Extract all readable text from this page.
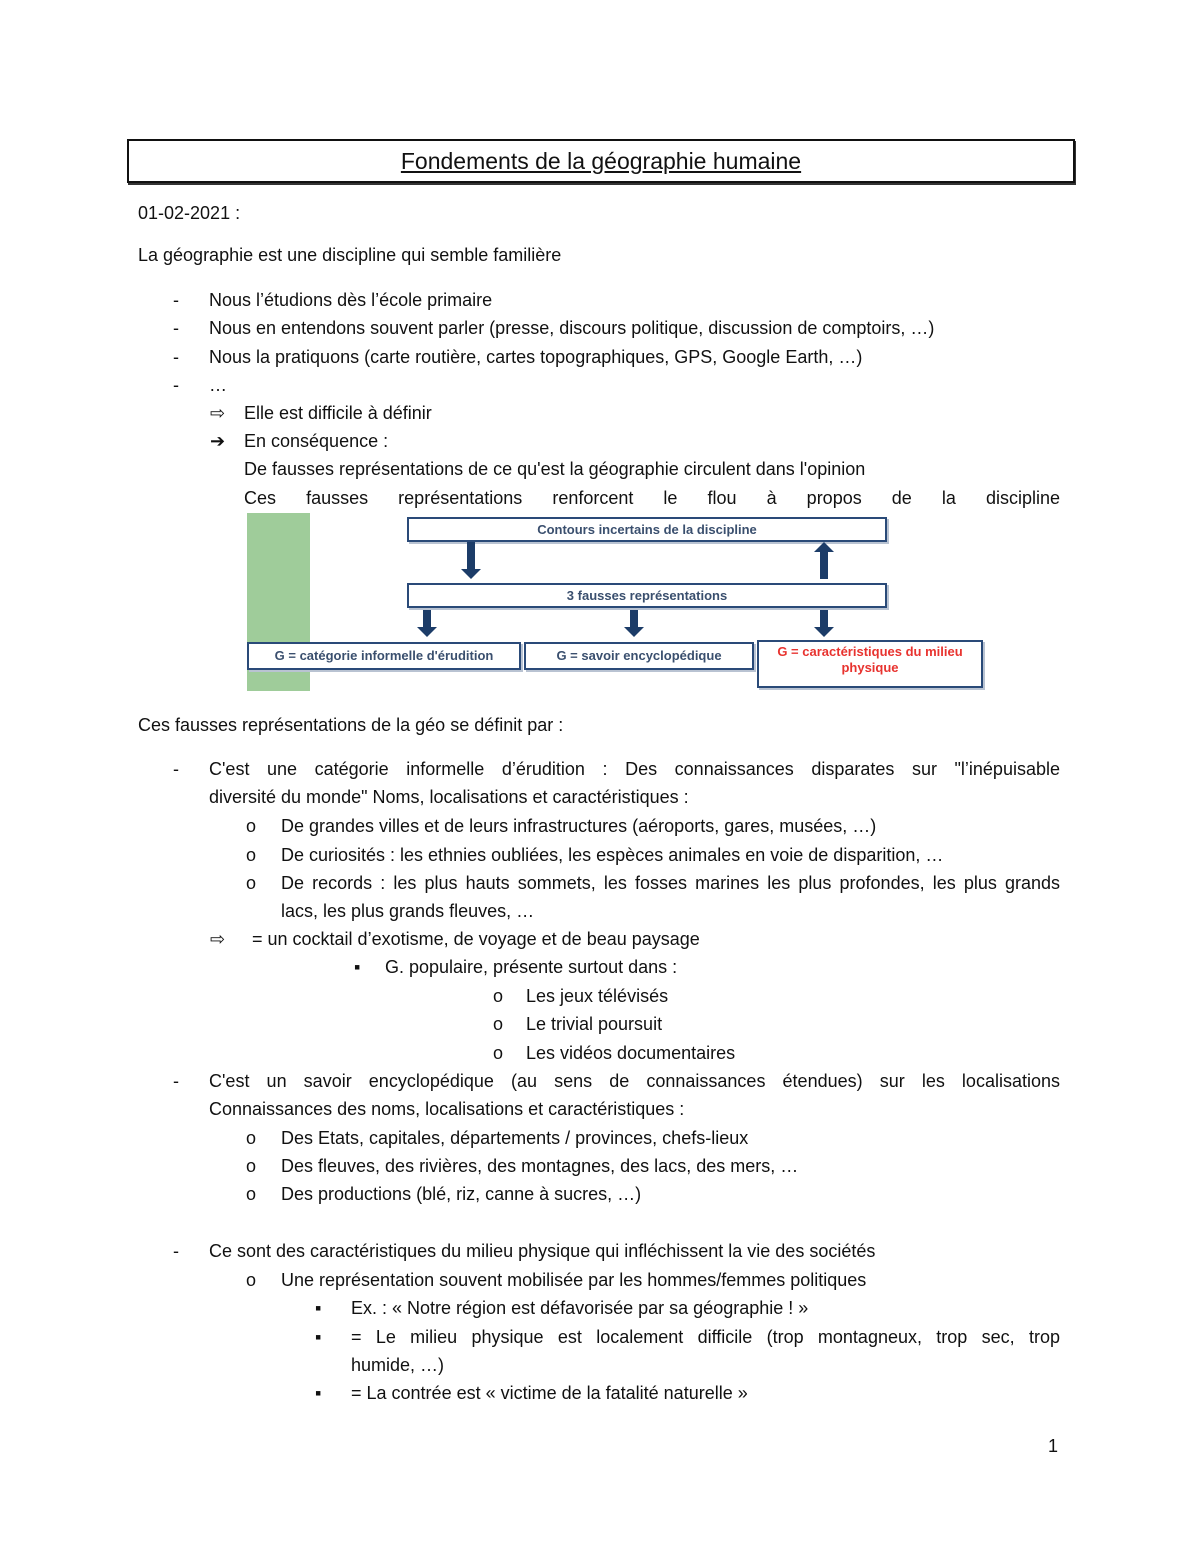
Fondements de la géographie humaine
01-02-2021 :
La géographie est une discipline qui semble familière
- Nous l’étudions dès l’école primaire
- Nous en entendons souvent parler (presse, discours politique, discussion de comptoirs, …)
- Nous la pratiquons (carte routière, cartes topographiques, GPS, Google Earth, …)
- …
⇨ Elle est difficile à définir
➔ En conséquence :
De fausses représentations de ce qu'est la géographie circulent dans l'opinion
Ces fausses représentations renforcent le flou à propos de la discipline
Contours incertains de la discipline
3 fausses représentations
G = catégorie informelle d'érudition	G = savoir encyclopédique	G = caractéristiques du milieu physique
Ces fausses représentations de la géo se définit par :
- C'est une catégorie informelle d’érudition : Des connaissances disparates sur "l’inépuisable
diversité du monde" Noms, localisations et caractéristiques :
o De grandes villes et de leurs infrastructures (aéroports, gares, musées, …)
o De curiosités : les ethnies oubliées, les espèces animales en voie de disparition, …
o De records : les plus hauts sommets, les fosses marines les plus profondes, les plus grands
lacs, les plus grands fleuves, …
⇨ = un cocktail d’exotisme, de voyage et de beau paysage
▪ G. populaire, présente surtout dans :
o Les jeux télévisés
o Le trivial poursuit
o Les vidéos documentaires
- C'est un savoir encyclopédique (au sens de connaissances étendues) sur les localisations
Connaissances des noms, localisations et caractéristiques :
o Des Etats, capitales, départements / provinces, chefs-lieux
o Des fleuves, des rivières, des montagnes, des lacs, des mers, …
o Des productions (blé, riz, canne à sucres, …)
- Ce sont des caractéristiques du milieu physique qui infléchissent la vie des sociétés
o Une représentation souvent mobilisée par les hommes/femmes politiques
▪ Ex. : « Notre région est défavorisée par sa géographie ! »
▪ = Le milieu physique est localement difficile (trop montagneux, trop sec, trop
humide, …)
▪ = La contrée est « victime de la fatalité naturelle »
1
